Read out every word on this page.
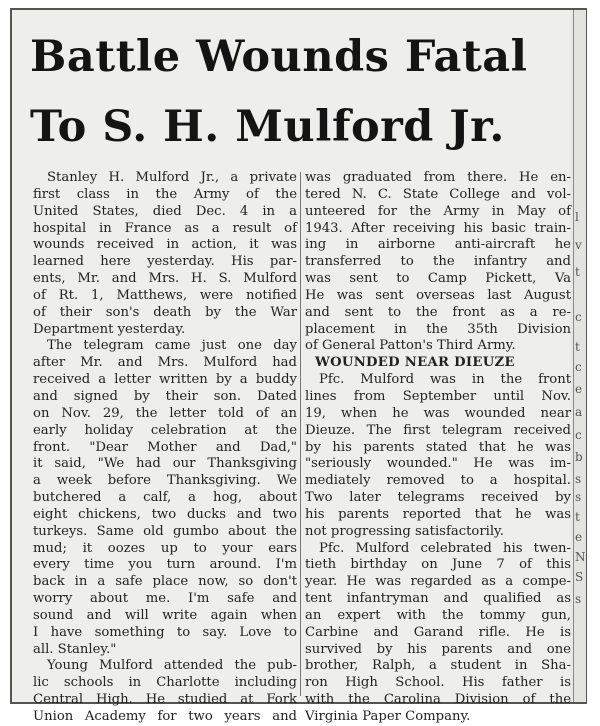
Battle Wounds Fatal
To S. H. Mulford Jr.
Stanley H. Mulford Jr., a private
first class in the Army of the
United States, died Dec. 4 in a
hospital in France as a result of
wounds received in action, it was
learned here yesterday. His par-
ents, Mr. and Mrs. H. S. Mulford
of Rt. 1, Matthews, were notified
of their son's death by the War
Department yesterday.
The telegram came just one day
after Mr. and Mrs. Mulford had
received a letter written by a buddy
and signed by their son. Dated
on Nov. 29, the letter told of an
early holiday celebration at the
front. "Dear Mother and Dad,"
it said, "We had our Thanksgiving
a week before Thanksgiving. We
butchered a calf, a hog, about
eight chickens, two ducks and two
turkeys. Same old gumbo about the
mud; it oozes up to your ears
every time you turn around. I'm
back in a safe place now, so don't
worry about me. I'm safe and
sound and will write again when
I have something to say. Love to
all. Stanley."
Young Mulford attended the pub-
lic schools in Charlotte including
Central High. He studied at Fork
Union Academy for two years and
was graduated from there. He en-
tered N. C. State College and vol-
unteered for the Army in May of
1943. After receiving his basic train-
ing in airborne anti-aircraft he
transferred to the infantry and
was sent to Camp Pickett, Va
He was sent overseas last August
and sent to the front as a re-
placement in the 35th Division
of General Patton's Third Army.
WOUNDED NEAR DIEUZE
Pfc. Mulford was in the front
lines from September until Nov.
19, when he was wounded near
Dieuze. The first telegram received
by his parents stated that he was
"seriously wounded." He was im-
mediately removed to a hospital.
Two later telegrams received by
his parents reported that he was
not progressing satisfactorily.
Pfc. Mulford celebrated his twen-
tieth birthday on June 7 of this
year. He was regarded as a compe-
tent infantryman and qualified as
an expert with the tommy gun,
Carbine and Garand rifle. He is
survived by his parents and one
brother, Ralph, a student in Sha-
ron High School. His father is
with the Carolina Division of the
Virginia Paper Company.
l
v
t
c
t
c
e
a
c
b
s
s
t
e
N
S
s
